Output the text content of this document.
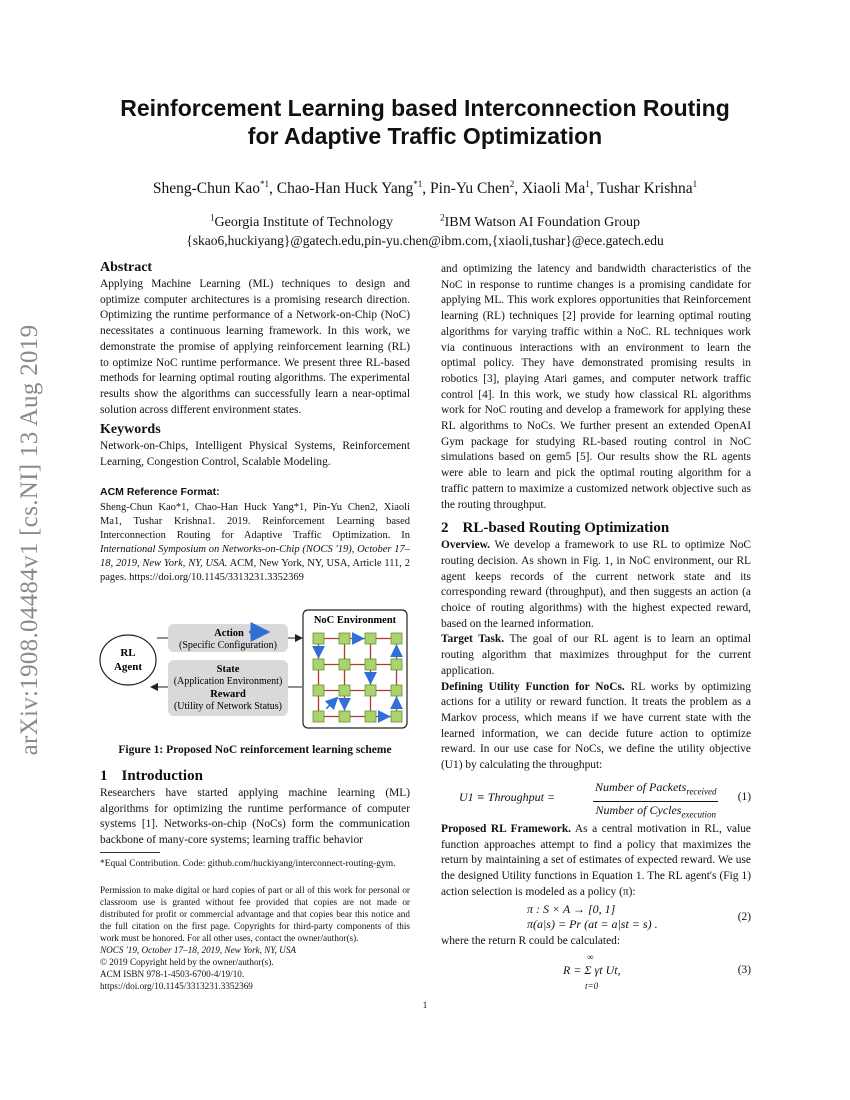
arXiv:1908.04484v1 [cs.NI] 13 Aug 2019
Reinforcement Learning based Interconnection Routing
for Adaptive Traffic Optimization
Sheng-Chun Kao$^{*1}$, Chao-Han Huck Yang$^{*1}$, Pin-Yu Chen$^2$, Xiaoli Ma$^1$, Tushar Krishna$^1$
$^1$Georgia Institute of Technology	$^2$IBM Watson AI Foundation Group
{skao6,huckiyang}@gatech.edu,pin-yu.chen@ibm.com,{xiaoli,tushar}@ece.gatech.edu
Abstract

Applying Machine Learning (ML) techniques to design and optimize computer architectures is a promising research direction. Optimizing the runtime performance of a Network-on-Chip (NoC) necessitates a continuous learning framework. In this work, we demonstrate the promise of applying reinforcement learning (RL) to optimize NoC runtime performance. We present three RL-based methods for learning optimal routing algorithms. The experimental results show the algorithms can successfully learn a near-optimal solution across different environment states.

Keywords

Network-on-Chips, Intelligent Physical Systems, Reinforcement Learning, Congestion Control, Scalable Modeling.

ACM Reference Format:
Sheng-Chun Kao*1, Chao-Han Huck Yang*1, Pin-Yu Chen2, Xiaoli Ma1, Tushar Krishna1. 2019. Reinforcement Learning based Interconnection Routing for Adaptive Traffic Optimization. In International Symposium on Networks-on-Chip (NOCS '19), October 17–18, 2019, New York, NY, USA. ACM, New York, NY, USA, Article 111, 2 pages. https://doi.org/10.1145/3313231.3352369
RL
Agent
Action
(Specific Configuration)
State
(Application Environment)
Reward
(Utility of Network Status)
NoC Environment
Figure 1: Proposed NoC reinforcement learning scheme
1 Introduction

Researchers have started applying machine learning (ML) algorithms for optimizing the runtime performance of computer systems [1]. Networks-on-chip (NoCs) form the communication backbone of many-core systems; learning traffic behavior

*Equal Contribution. Code: github.com/huckiyang/interconnect-routing-gym.

Permission to make digital or hard copies of part or all of this work for personal or classroom use is granted without fee provided that copies are not made or distributed for profit or commercial advantage and that copies bear this notice and the full citation on the first page. Copyrights for third-party components of this work must be honored. For all other uses, contact the owner/author(s).

NOCS '19, October 17–18, 2019, New York, NY, USA

© 2019 Copyright held by the owner/author(s).

ACM ISBN 978-1-4503-6700-4/19/10.

https://doi.org/10.1145/3313231.3352369

and optimizing the latency and bandwidth characteristics of the NoC in response to runtime changes is a promising candidate for applying ML. This work explores opportunities that Reinforcement learning (RL) techniques [2] provide for learning optimal routing algorithms for varying traffic within a NoC. RL techniques work via continuous interactions with an environment to learn the optimal policy. They have demonstrated promising results in robotics [3], playing Atari games, and computer network traffic control [4]. In this work, we study how classical RL algorithms work for NoC routing and develop a framework for applying these RL algorithms to NoCs. We further present an extended OpenAI Gym package for studying RL-based routing control in NoC simulations based on gem5 [5]. Our results show the RL agents were able to learn and pick the optimal routing algorithm for a traffic pattern to maximize a customized network objective such as the routing throughput.

2 RL-based Routing Optimization

Overview. We develop a framework to use RL to optimize NoC routing decision. As shown in Fig. 1, in NoC environment, our RL agent keeps records of the current network state and its corresponding reward (throughput), and then suggests an action (a choice of routing algorithms) with the highest expected reward, based on the learned information.

Target Task. The goal of our RL agent is to learn an optimal routing algorithm that maximizes throughput for the current application.

Defining Utility Function for NoCs. RL works by optimizing actions for a utility or reward function. It treats the problem as a Markov process, which means if we have current state with the learned information, we can decide future action to optimize reward. In our use case for NoCs, we define the utility objective (U1) by calculating the throughput:

U1 ≡ Throughput =
Number of Packets$_{received}$
Number of Cycles$_{execution}$
(1)

Proposed RL Framework. As a central motivation in RL, value function approaches attempt to find a policy that maximizes the return by maintaining a set of estimates of expected reward. We use the designed Utility functions in Equation 1. The RL agent's (Fig 1) action selection is modeled as a policy (π):

π : S × A → [0, 1]
π(a|s) = Pr (at = a|st = s) .	(2)

where the return R could be calculated:

∞
R = Σ γt Ut,
t=0
(3)
1
